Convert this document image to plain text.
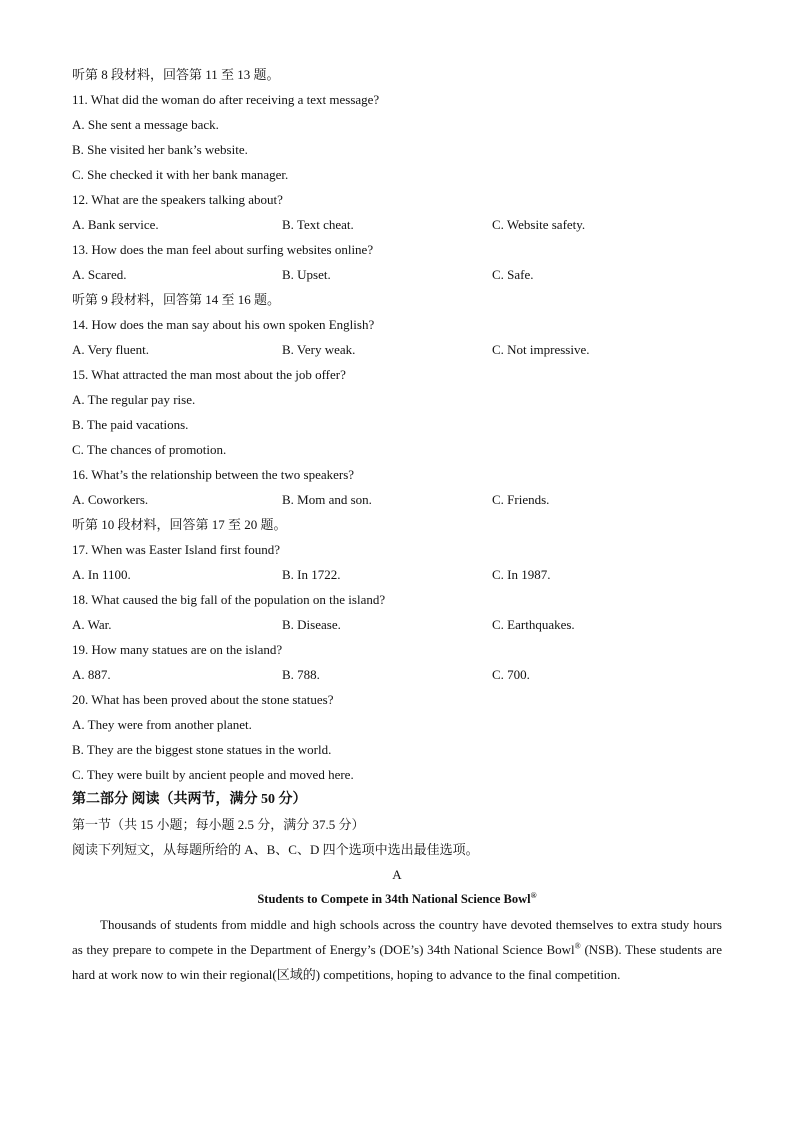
听第 8 段材料，回答第 11 至 13 题。
11. What did the woman do after receiving a text message?
A. She sent a message back.
B. She visited her bank’s website.
C. She checked it with her bank manager.
12. What are the speakers talking about?
A. Bank service.	B. Text cheat.	C. Website safety.
13. How does the man feel about surfing websites online?
A. Scared.	B. Upset.	C. Safe.
听第 9 段材料，回答第 14 至 16 题。
14. How does the man say about his own spoken English?
A. Very fluent.	B. Very weak.	C. Not impressive.
15. What attracted the man most about the job offer?
A. The regular pay rise.
B. The paid vacations.
C. The chances of promotion.
16. What’s the relationship between the two speakers?
A. Coworkers.	B. Mom and son.	C. Friends.
听第 10 段材料，回答第 17 至 20 题。
17. When was Easter Island first found?
A. In 1100.	B. In 1722.	C. In 1987.
18. What caused the big fall of the population on the island?
A. War.	B. Disease.	C. Earthquakes.
19. How many statues are on the island?
A. 887.	B. 788.	C. 700.
20. What has been proved about the stone statues?
A. They were from another planet.
B. They are the biggest stone statues in the world.
C. They were built by ancient people and moved here.
第二部分 阅读（共两节，满分 50 分）
第一节（共 15 小题；每小题 2.5 分，满分 37.5 分）
阅读下列短文，从每题所给的 A、B、C、D 四个选项中选出最佳选项。
A
Students to Compete in 34th National Science Bowl®

Thousands of students from middle and high schools across the country have devoted themselves to extra study hours as they prepare to compete in the Department of Energy’s (DOE’s) 34th National Science Bowl® (NSB). These students are hard at work now to win their regional(区域的) competitions, hoping to advance to the final competition.
